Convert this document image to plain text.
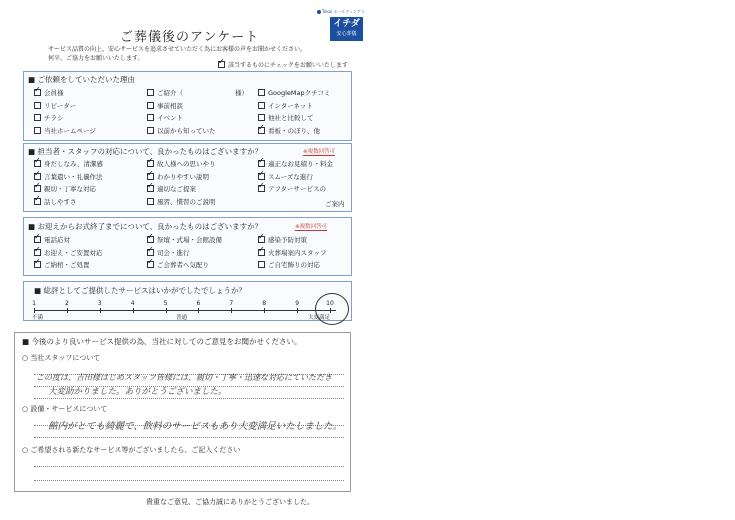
Tokai ホールディングス
イチダ
安心葬儀
ご葬儀後のアンケート
サービス品質の向上、安心サービスを追求させていただく為にお客様の声をお聞かせください。
何卒、ご協力をお願いいたします。
✓該当するものにチェックをお願いいたします
■ ご依頼をしていただいた理由
✓会員様	ご紹介（　　　　　　　　様）	GoogleMapクチコミ
リピーター	事前相談	インターネット
チラシ	イベント	他社と比較して
当社ホームページ	以前から知っていた ✓	看板・のぼり、他
■ 担当者・スタッフの対応について、良かったものはございますか？	※複数回答可
✓身だしなみ、清潔感 ✓	故人様への思いやり ✓	適正なお見積り・料金
✓言葉遣い・礼儀作法 ✓	わかりやすい説明 ✓	スムーズな進行
✓親切・丁寧な対応 ✓	適切なご提案 ✓	アフターサービスの
✓話しやすさ	風習、慣習のご説明	ご案内
■ お迎えからお式終了までについて、良かったものはございますか？	※複数回答可
✓電話応対 ✓	祭壇・式場・会館設備 ✓	感染予防対策
✓お迎え・ご安置対応 ✓	司会・進行 ✓	火葬場案内スタッフ
✓ご納棺・ご処置 ✓	ご会葬者へ気配り	ご自宅飾りの対応
■ 総評としてご提供したサービスはいかがでしたでしょうか？
1	2	3	4	5	6	7	8	9	10
不満	普通	大変満足
■ 今後のより良いサービス提供の為、当社に対してのご意見をお聞かせください。
○ 当社スタッフについて
この度は、吉田様はじめスタッフ皆様には、親切・丁寧・迅速な対応にていただき
大変助かりました。ありがとうございました。
○ 設備・サービスについて
館内がとても綺麗で、飲料のサービスもあり大変満足いたしました。
○ ご希望される新たなサービス等がございましたら、ご記入ください
貴重なご意見、ご協力誠にありがとうございました。
